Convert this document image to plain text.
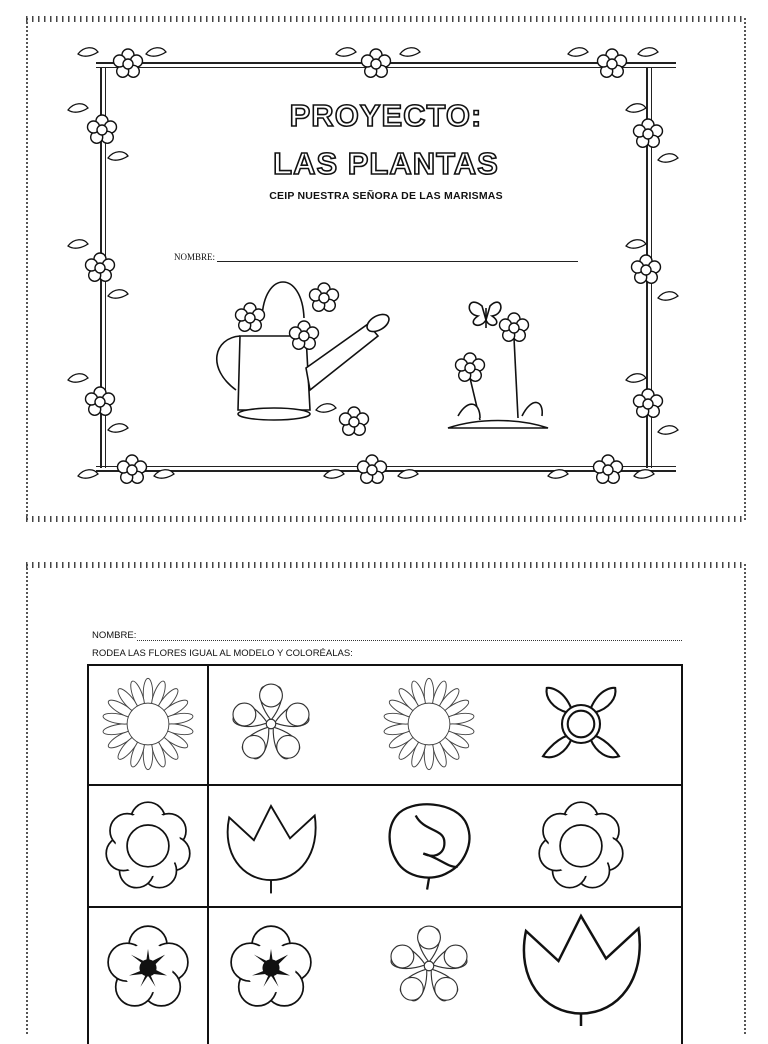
PROYECTO:
LAS PLANTAS
CEIP NUESTRA SEÑORA DE LAS MARISMAS
NOMBRE:
NOMBRE:
RODEA LAS FLORES IGUAL AL MODELO Y COLORÉALAS:
